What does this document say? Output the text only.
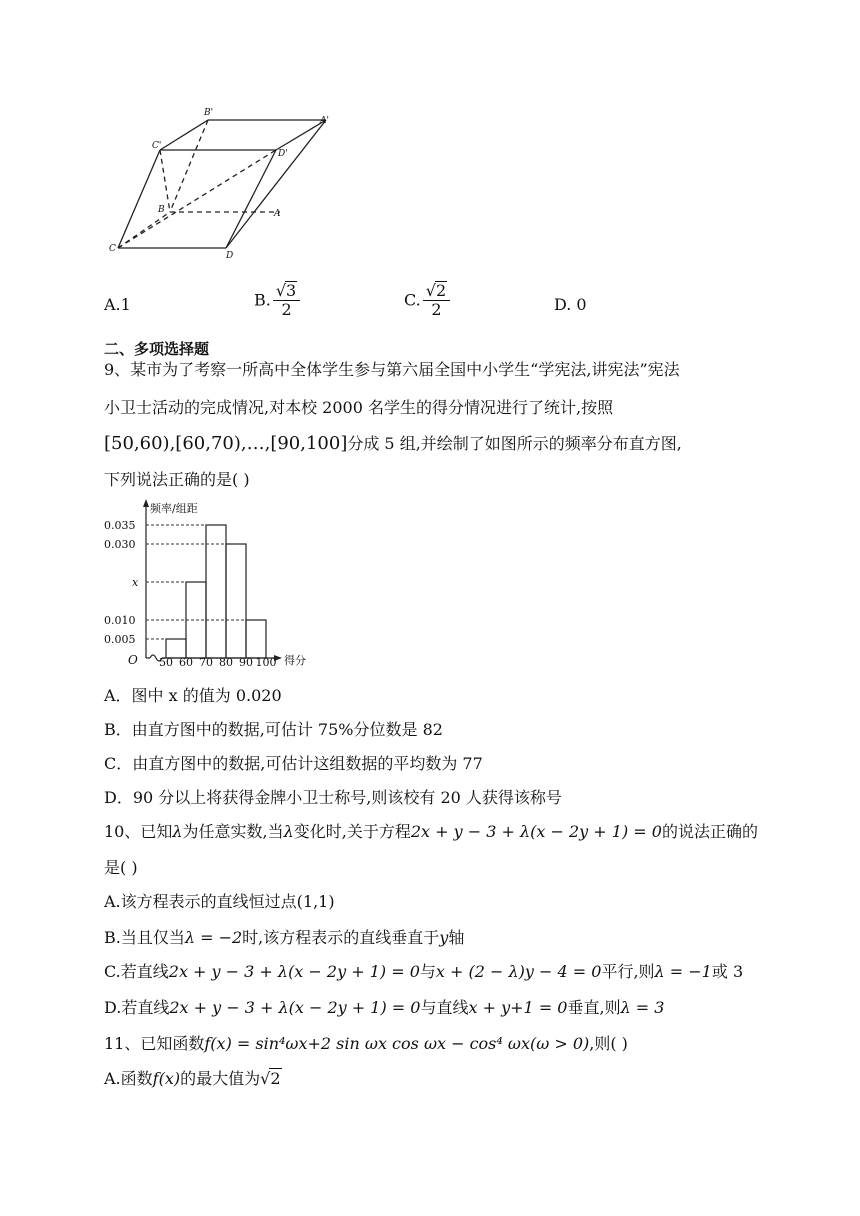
B'
A'
C'
D'
B	A
C
D
A.1	B. $\frac{√3}{2}$	C. $\frac{√2}{2}$	D. 0
二、多项选择题
9、某市为了考察一所高中全体学生参与第六届全国中小学生“学宪法,讲宪法”宪法
小卫士活动的完成情况,对本校 2000 名学生的得分情况进行了统计,按照
[50,60),[60,70),…,[90,100]分成 5 组,并绘制了如图所示的频率分布直方图,
下列说法正确的是( )
0.035
0.030
x
0.010
0.005
50 60 70 80 90 100
频率/组距
得分
O
A．图中 x 的值为 0.020
B．由直方图中的数据,可估计 75%分位数是 82
C．由直方图中的数据,可估计这组数据的平均数为 77
D．90 分以上将获得金牌小卫士称号,则该校有 20 人获得该称号
10、已知λ为任意实数,当λ变化时,关于方程2x + y − 3 + λ(x − 2y + 1) = 0的说法正确的
是( )
A.该方程表示的直线恒过点(1,1)
B.当且仅当λ = −2时,该方程表示的直线垂直于y轴
C.若直线2x + y − 3 + λ(x − 2y + 1) = 0与x + (2 − λ)y − 4 = 0平行,则λ = −1或 3
D.若直线2x + y − 3 + λ(x − 2y + 1) = 0与直线x + y+1 = 0垂直,则λ = 3
11、已知函数f(x) = sin⁴ωx+2 sin ωx cos ωx − cos⁴ ωx(ω > 0),则( )
A.函数f(x)的最大值为√2
